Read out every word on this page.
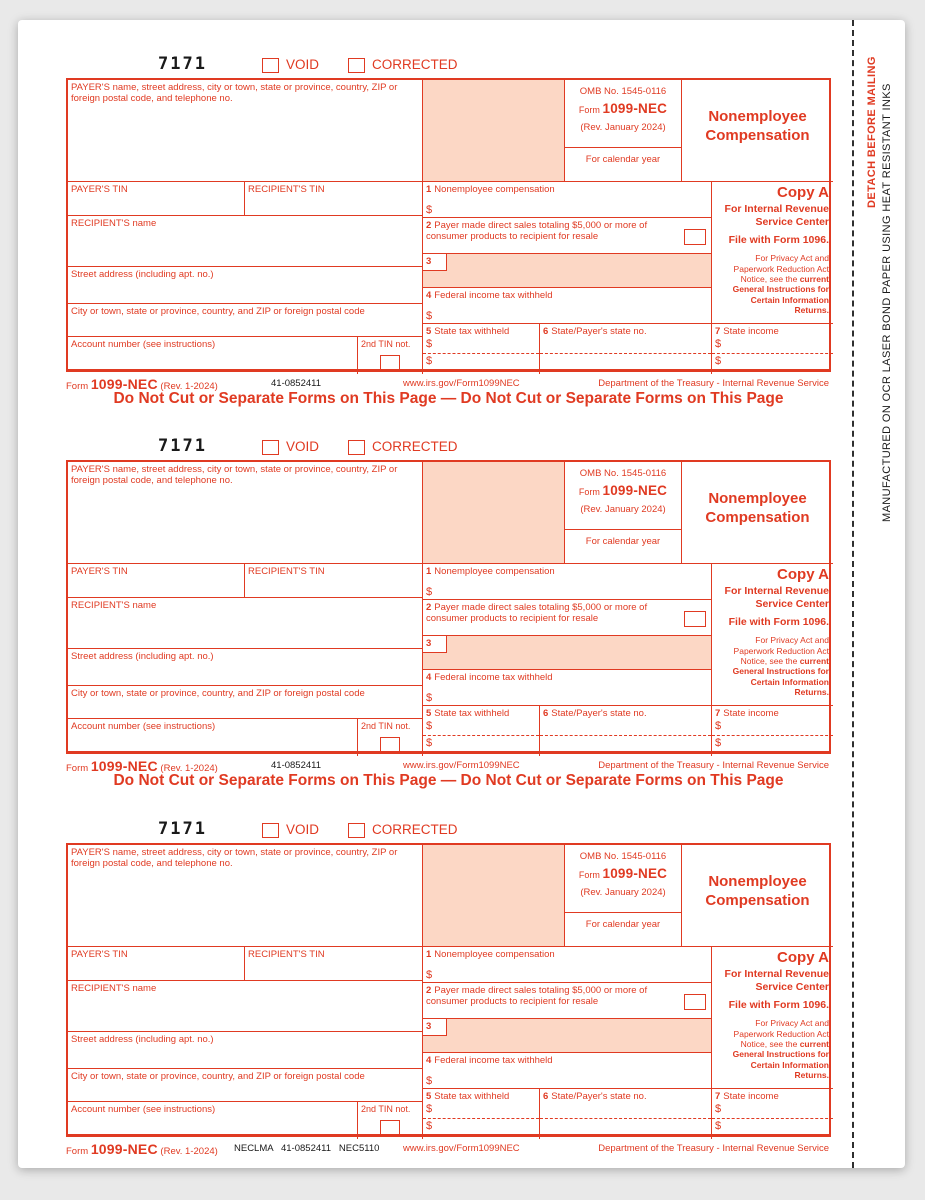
7171	VOID	CORRECTED
PAYER'S name, street address, city or town, state or province, country, ZIP or foreign postal code, and telephone no.
OMB No. 1545-0116
Form 1099-NEC
(Rev. January 2024)
For calendar year
Nonemployee Compensation
PAYER'S TIN	RECIPIENT'S TIN
RECIPIENT'S name
Street address (including apt. no.)
City or town, state or province, country, and ZIP or foreign postal code
Account number (see instructions)	2nd TIN not.
1 Nonemployee compensation
$
2 Payer made direct sales totaling $5,000 or more of consumer products to recipient for resale
3
4 Federal income tax withheld
$
5 State tax withheld
$
$
6 State/Payer's state no.	7 State income
$
$
Copy A
For Internal Revenue Service Center
File with Form 1096.
For Privacy Act and Paperwork Reduction Act Notice, see the current General Instructions for Certain Information Returns.
Form 1099-NEC (Rev. 1-2024)	41-0852411	www.irs.gov/Form1099NEC	Department of the Treasury - Internal Revenue Service
Do Not Cut or Separate Forms on This Page — Do Not Cut or Separate Forms on This Page
7171	VOID	CORRECTED
PAYER'S name, street address, city or town, state or province, country, ZIP or foreign postal code, and telephone no.
OMB No. 1545-0116
Form 1099-NEC
(Rev. January 2024)
For calendar year
Nonemployee Compensation
PAYER'S TIN	RECIPIENT'S TIN
RECIPIENT'S name
Street address (including apt. no.)
City or town, state or province, country, and ZIP or foreign postal code
Account number (see instructions)	2nd TIN not.
1 Nonemployee compensation
$
2 Payer made direct sales totaling $5,000 or more of consumer products to recipient for resale
3
4 Federal income tax withheld
$
5 State tax withheld
$
$
6 State/Payer's state no.	7 State income
$
$
Copy A
For Internal Revenue Service Center
File with Form 1096.
For Privacy Act and Paperwork Reduction Act Notice, see the current General Instructions for Certain Information Returns.
Form 1099-NEC (Rev. 1-2024)	41-0852411	www.irs.gov/Form1099NEC	Department of the Treasury - Internal Revenue Service
Do Not Cut or Separate Forms on This Page — Do Not Cut or Separate Forms on This Page
7171	VOID	CORRECTED
PAYER'S name, street address, city or town, state or province, country, ZIP or foreign postal code, and telephone no.
OMB No. 1545-0116
Form 1099-NEC
(Rev. January 2024)
For calendar year
Nonemployee Compensation
PAYER'S TIN	RECIPIENT'S TIN
RECIPIENT'S name
Street address (including apt. no.)
City or town, state or province, country, and ZIP or foreign postal code
Account number (see instructions)	2nd TIN not.
1 Nonemployee compensation
$
2 Payer made direct sales totaling $5,000 or more of consumer products to recipient for resale
3
4 Federal income tax withheld
$
5 State tax withheld
$
$
6 State/Payer's state no.	7 State income
$
$
Copy A
For Internal Revenue Service Center
File with Form 1096.
For Privacy Act and Paperwork Reduction Act Notice, see the current General Instructions for Certain Information Returns.
Form 1099-NEC (Rev. 1-2024) NECLMA   41-0852411   NEC5110 www.irs.gov/Form1099NEC	Department of the Treasury - Internal Revenue Service
DETACH BEFORE MAILING MANUFACTURED ON OCR LASER BOND PAPER USING HEAT RESISTANT INKS
